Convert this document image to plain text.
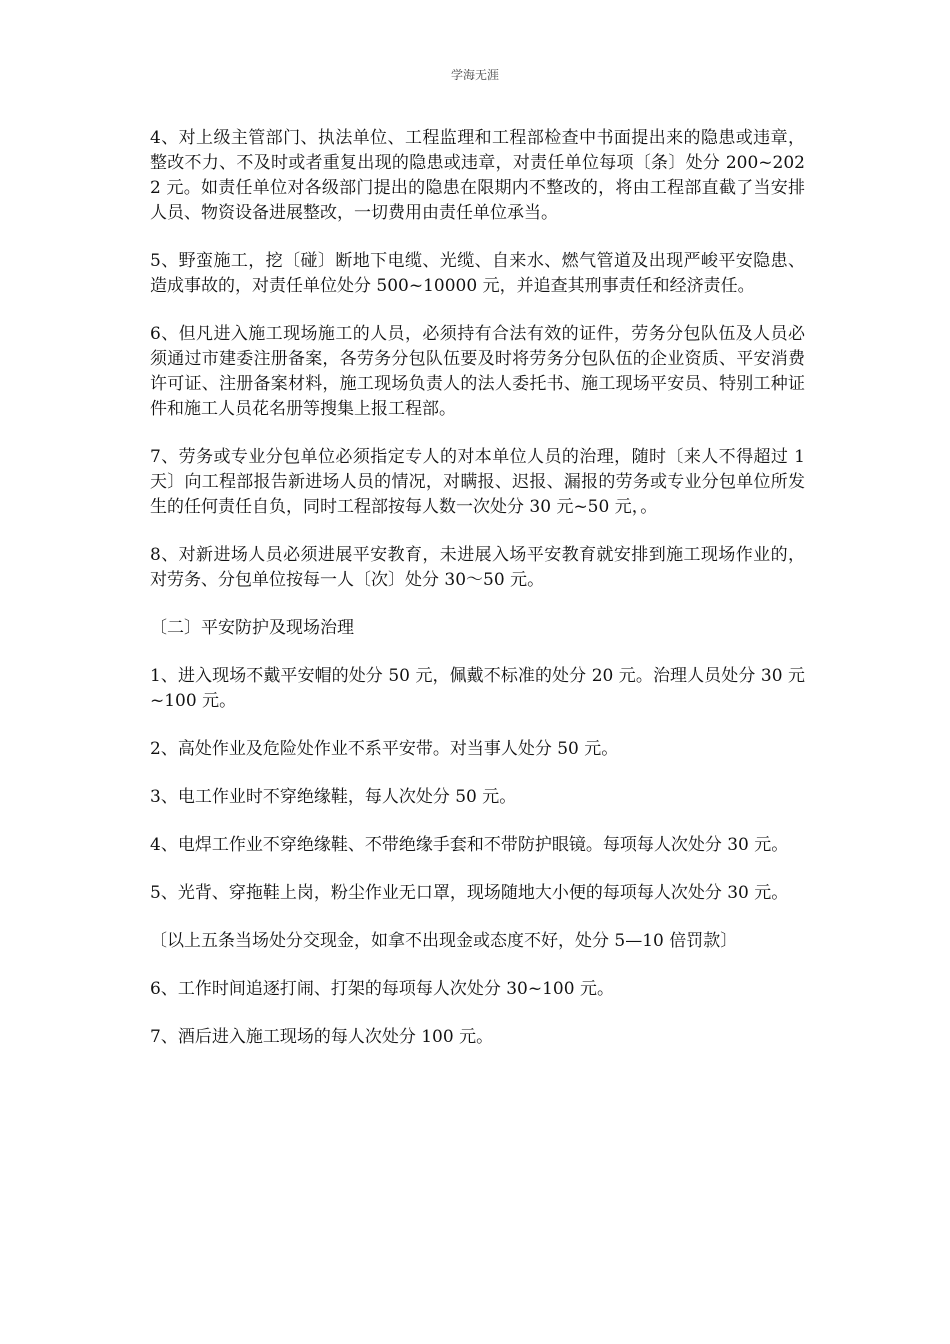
学海无涯

4、对上级主管部门、执法单位、工程监理和工程部检查中书面提出来的隐患或违章，整改不力、不及时或者重复出现的隐患或违章，对责任单位每项〔条〕处分 200~2022 元。如责任单位对各级部门提出的隐患在限期内不整改的，将由工程部直截了当安排人员、物资设备进展整改，一切费用由责任单位承当。

5、野蛮施工，挖〔碰〕断地下电缆、光缆、自来水、燃气管道及出现严峻平安隐患、造成事故的，对责任单位处分 500~10000 元，并追查其刑事责任和经济责任。

6、但凡进入施工现场施工的人员，必须持有合法有效的证件，劳务分包队伍及人员必须通过市建委注册备案，各劳务分包队伍要及时将劳务分包队伍的企业资质、平安消费许可证、注册备案材料，施工现场负责人的法人委托书、施工现场平安员、特别工种证件和施工人员花名册等搜集上报工程部。

7、劳务或专业分包单位必须指定专人的对本单位人员的治理，随时〔来人不得超过 1 天〕向工程部报告新进场人员的情况，对瞒报、迟报、漏报的劳务或专业分包单位所发生的任何责任自负，同时工程部按每人数一次处分 30 元~50 元，。

8、对新进场人员必须进展平安教育，未进展入场平安教育就安排到施工现场作业的，对劳务、分包单位按每一人〔次〕处分 30～50 元。

〔二〕平安防护及现场治理

1、进入现场不戴平安帽的处分 50 元，佩戴不标准的处分 20 元。治理人员处分 30 元~100 元。

2、高处作业及危险处作业不系平安带。对当事人处分 50 元。

3、电工作业时不穿绝缘鞋，每人次处分 50 元。

4、电焊工作业不穿绝缘鞋、不带绝缘手套和不带防护眼镜。每项每人次处分 30 元。

5、光背、穿拖鞋上岗，粉尘作业无口罩，现场随地大小便的每项每人次处分 30 元。

〔以上五条当场处分交现金，如拿不出现金或态度不好，处分 5—10 倍罚款〕

6、工作时间追逐打闹、打架的每项每人次处分 30~100 元。

7、酒后进入施工现场的每人次处分 100 元。
